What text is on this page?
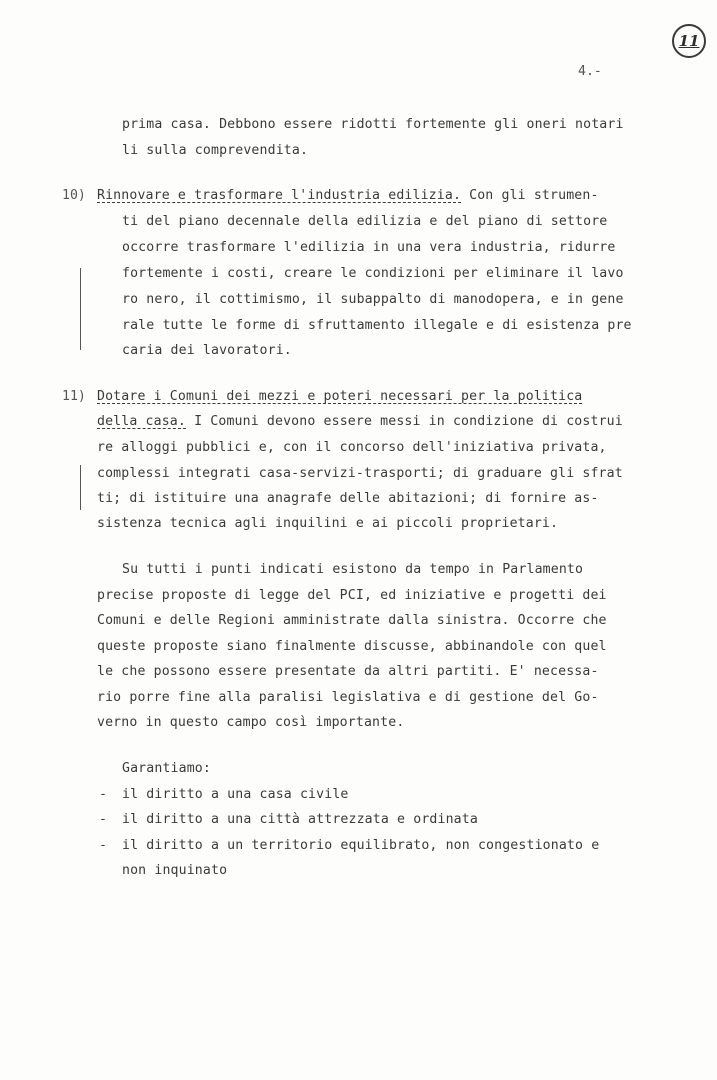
4.-
11
prima casa. Debbono essere ridotti fortemente gli oneri notari
li sulla comprevendita.
10) Rinnovare e trasformare l'industria edilizia. Con gli strumen-
ti del piano decennale della edilizia e del piano di settore
occorre trasformare l'edilizia in una vera industria, ridurre
fortemente i costi, creare le condizioni per eliminare il lavo
ro nero, il cottimismo, il subappalto di manodopera, e in gene
rale tutte le forme di sfruttamento illegale e di esistenza pre
caria dei lavoratori.
11) Dotare i Comuni dei mezzi e poteri necessari per la politica
della casa. I Comuni devono essere messi in condizione di costrui
re alloggi pubblici e, con il concorso dell'iniziativa privata,
complessi integrati casa-servizi-trasporti; di graduare gli sfrat
ti; di istituire una anagrafe delle abitazioni; di fornire as-
sistenza tecnica agli inquilini e ai piccoli proprietari.
Su tutti i punti indicati esistono da tempo in Parlamento
precise proposte di legge del PCI, ed iniziative e progetti dei
Comuni e delle Regioni amministrate dalla sinistra. Occorre che
queste proposte siano finalmente discusse, abbinandole con quel
le che possono essere presentate da altri partiti. E' necessa-
rio porre fine alla paralisi legislativa e di gestione del Go-
verno in questo campo così importante.
Garantiamo:
- il diritto a una casa civile
- il diritto a una città attrezzata e ordinata
- il diritto a un territorio equilibrato, non congestionato e
non inquinato
